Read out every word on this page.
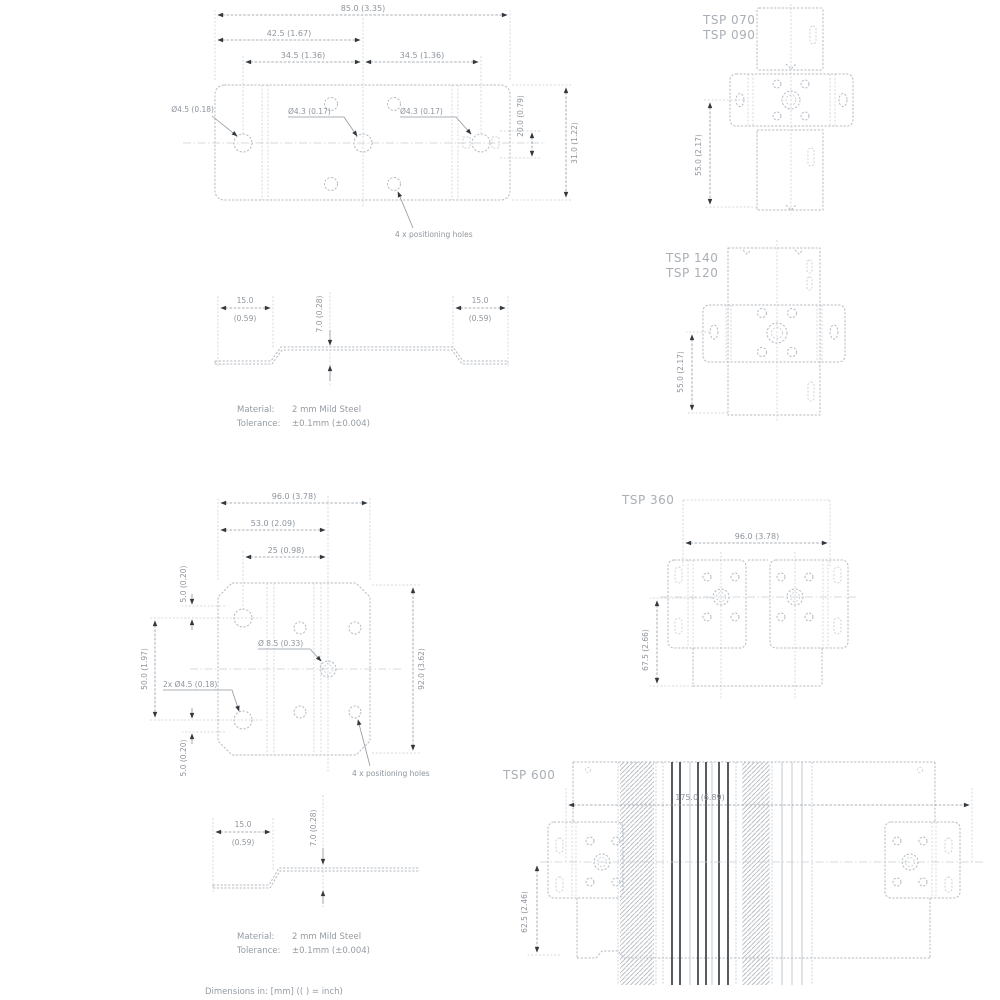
85.0 (3.35)
42.5 (1.67)
34.5 (1.36)	34.5 (1.36)
20.0 (0.79)
31.0 (1.22)
Ø4.5 (0.18)	Ø4.3 (0.17)	Ø4.3 (0.17)
4 x positioning holes
15.0
(0.59)
15.0
(0.59)
7.0 (0.28)
Material: 2 mm Mild Steel
Tolerance: ±0.1mm (±0.004)
TSP 070
TSP 090
55.0 (2.17)
TSP 140
TSP 120
55.0 (2.17)
96.0 (3.78)
53.0 (2.09)
25 (0.98)
5.0 (0.20)
50.0 (1.97)
5.0 (0.20)
2x Ø4.5 (0.18)
Ø 8.5 (0.33)
92.0 (3.62)
4 x positioning holes
15.0
(0.59)	7.0 (0.28)
Material: 2 mm Mild Steel
Tolerance: ±0.1mm (±0.004)
TSP 360
96.0 (3.78)
67.5 (2.66)
TSP 600
175.0 (6.89)
62.5 (2.46)
Dimensions in: [mm] (( ) = inch)
